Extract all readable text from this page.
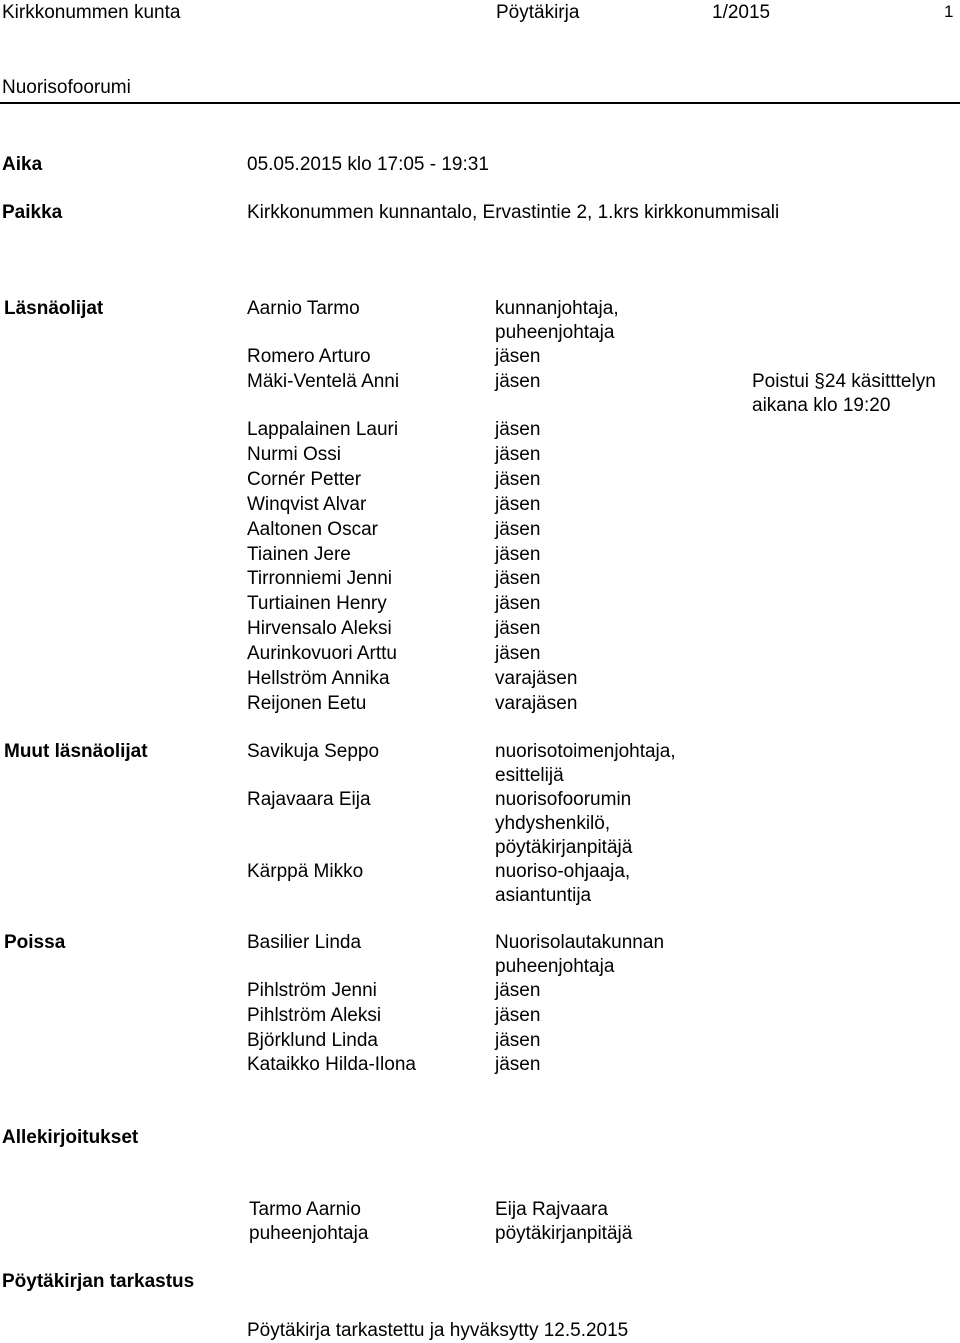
Kirkkonummen kunta	Pöytäkirja	1/2015	1
Nuorisofoorumi
Aika	05.05.2015 klo 17:05 - 19:31
Paikka	Kirkkonummen kunnantalo, Ervastintie 2, 1.krs kirkkonummisali
Läsnäolijat	Aarnio Tarmo	kunnanjohtaja,
puheenjohtaja
Romero Arturo	jäsen
Mäki-Ventelä Anni	jäsen	Poistui §24 käsitttelyn
aikana klo 19:20
Lappalainen Lauri	jäsen
Nurmi Ossi	jäsen
Cornér Petter	jäsen
Winqvist Alvar	jäsen
Aaltonen Oscar	jäsen
Tiainen Jere	jäsen
Tirronniemi Jenni	jäsen
Turtiainen Henry	jäsen
Hirvensalo Aleksi	jäsen
Aurinkovuori Arttu	jäsen
Hellström Annika	varajäsen
Reijonen Eetu	varajäsen
Muut läsnäolijat	Savikuja Seppo	nuorisotoimenjohtaja,
esittelijä
Rajavaara Eija	nuorisofoorumin
yhdyshenkilö,
pöytäkirjanpitäjä
Kärppä Mikko	nuoriso-ohjaaja,
asiantuntija
Poissa	Basilier Linda	Nuorisolautakunnan
puheenjohtaja
Pihlström Jenni	jäsen
Pihlström Aleksi	jäsen
Björklund Linda	jäsen
Kataikko Hilda-Ilona	jäsen
Allekirjoitukset
Tarmo Aarnio
puheenjohtaja
Eija Rajvaara
pöytäkirjanpitäjä
Pöytäkirjan tarkastus
Pöytäkirja tarkastettu ja hyväksytty 12.5.2015
